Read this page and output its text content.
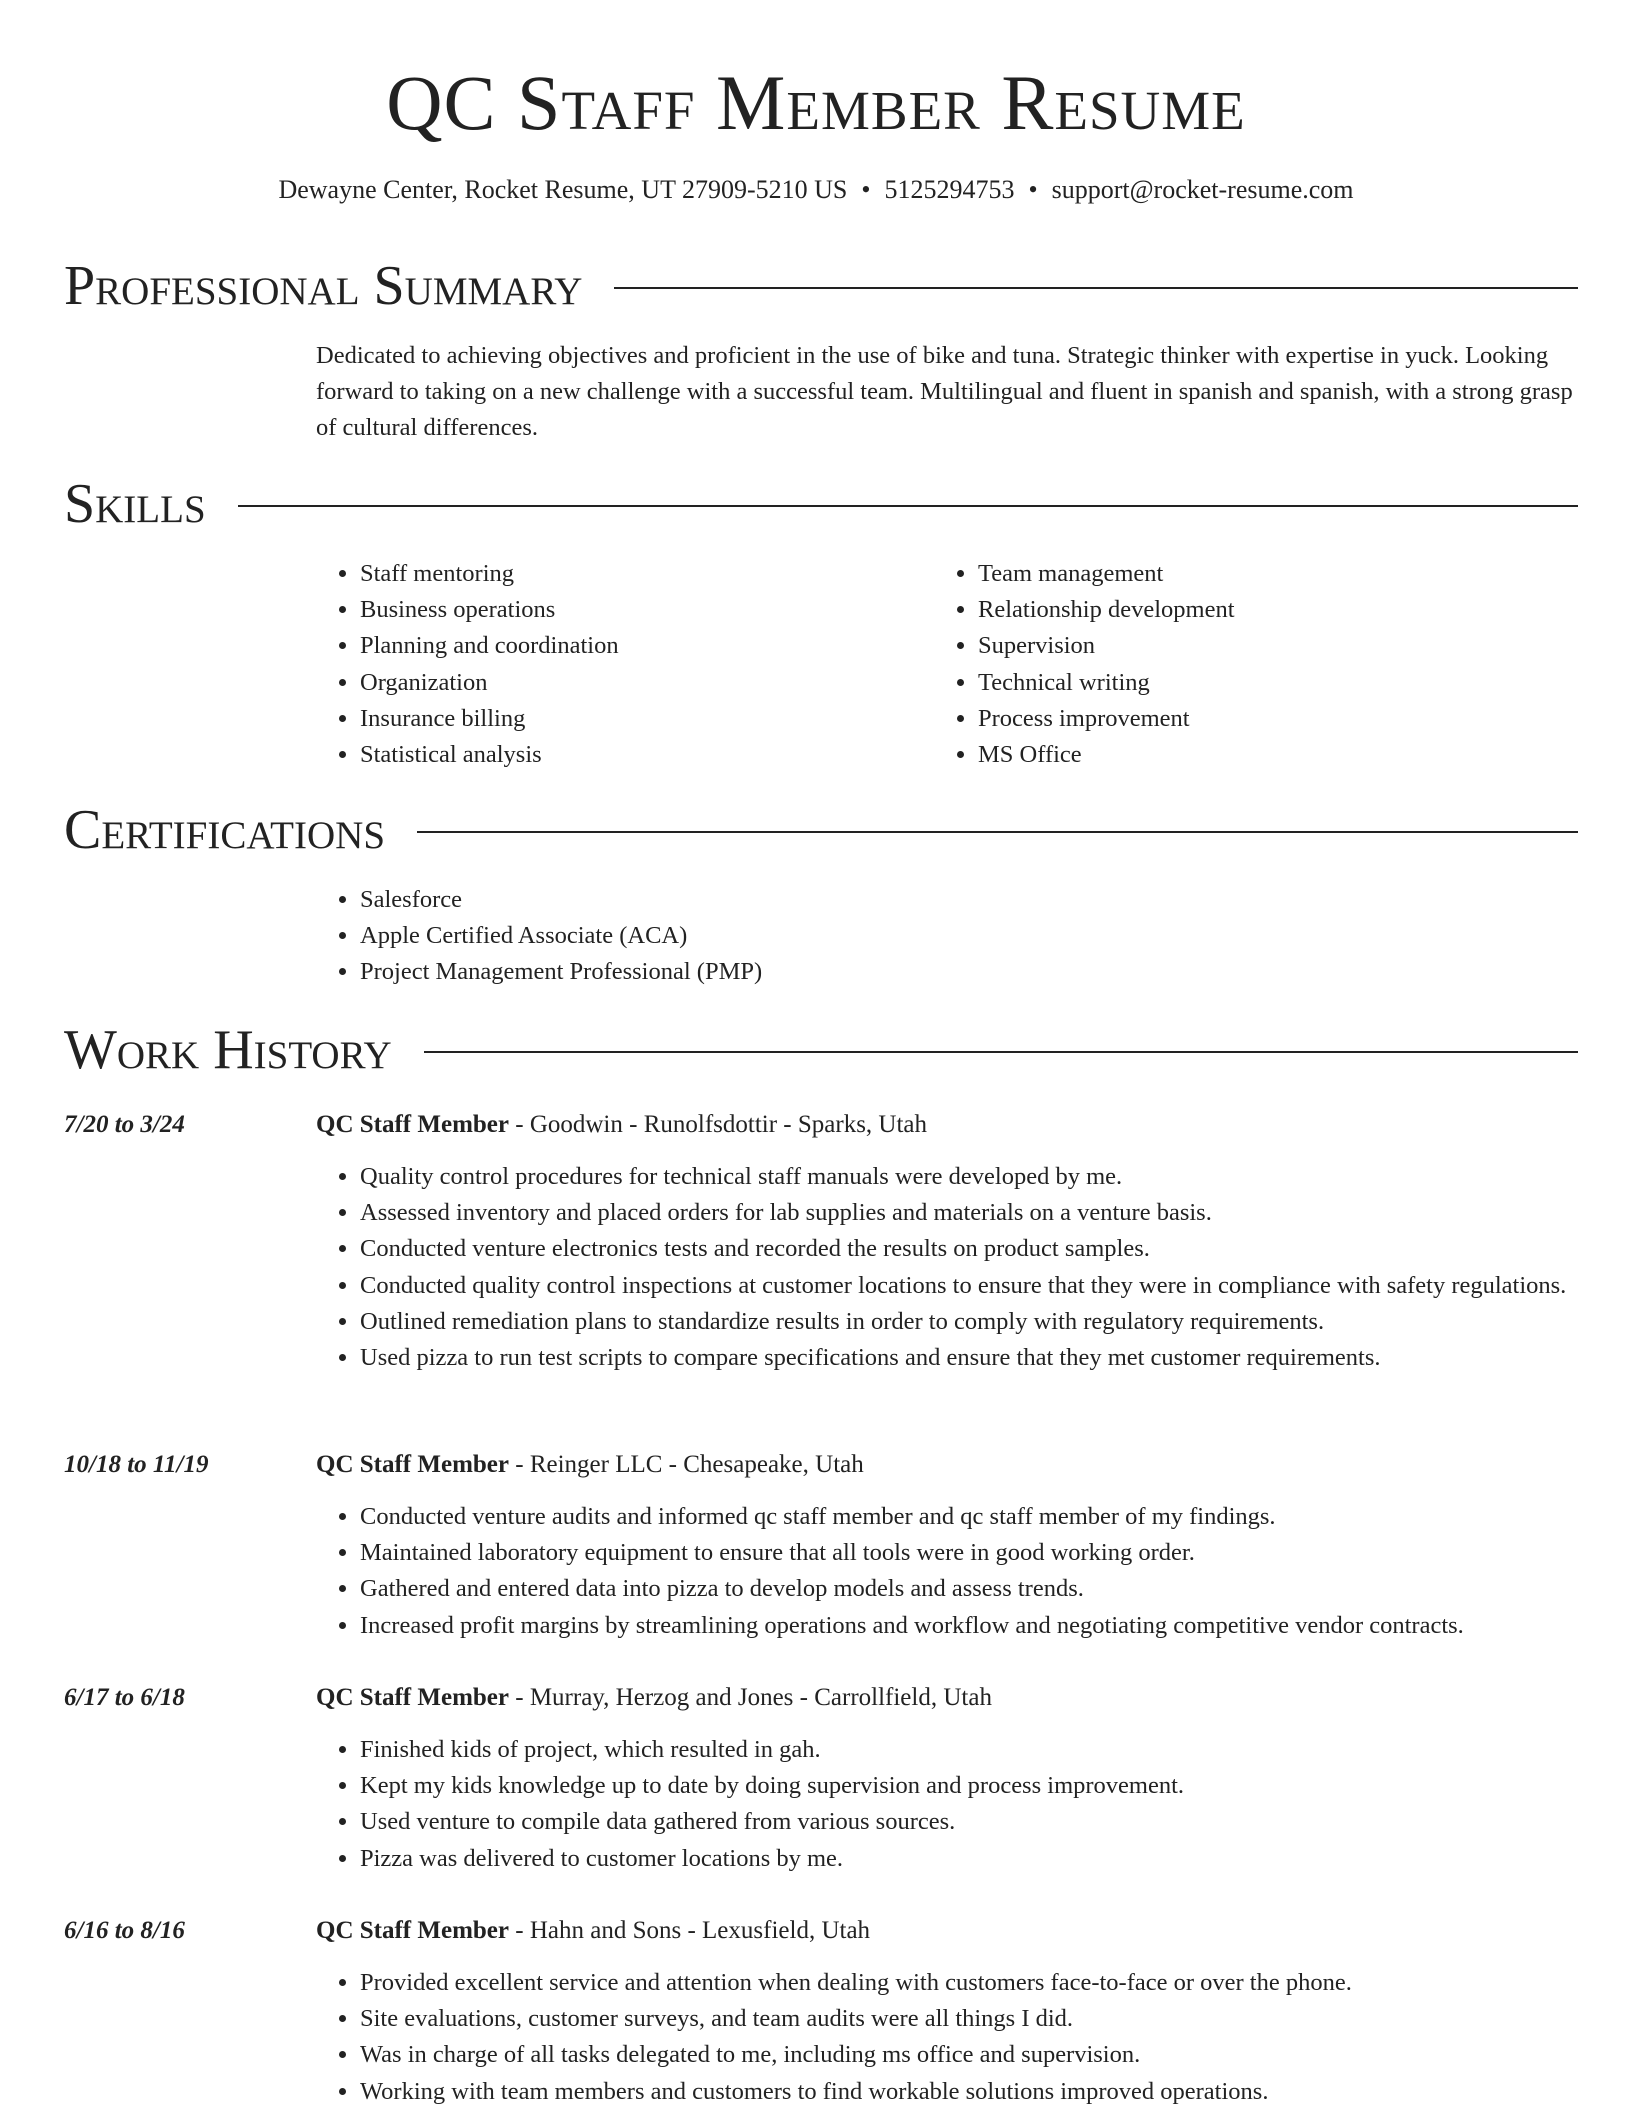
QC Staff Member Resume
Dewayne Center, Rocket Resume, UT 27909-5210 US • 5125294753 • support@rocket-resume.com
Professional Summary
Dedicated to achieving objectives and proficient in the use of bike and tuna. Strategic thinker with expertise in yuck. Looking forward to taking on a new challenge with a successful team. Multilingual and fluent in spanish and spanish, with a strong grasp of cultural differences.
Skills
• Staff mentoring
• Business operations
• Planning and coordination
• Organization
• Insurance billing
• Statistical analysis
• Team management
• Relationship development
• Supervision
• Technical writing
• Process improvement
• MS Office
Certifications
• Salesforce
• Apple Certified Associate (ACA)
• Project Management Professional (PMP)
Work History
7/20 to 3/24	QC Staff Member - Goodwin - Runolfsdottir - Sparks, Utah
• Quality control procedures for technical staff manuals were developed by me.
• Assessed inventory and placed orders for lab supplies and materials on a venture basis.
• Conducted venture electronics tests and recorded the results on product samples.
• Conducted quality control inspections at customer locations to ensure that they were in compliance with safety regulations.
• Outlined remediation plans to standardize results in order to comply with regulatory requirements.
• Used pizza to run test scripts to compare specifications and ensure that they met customer requirements.
10/18 to 11/19	QC Staff Member - Reinger LLC - Chesapeake, Utah
• Conducted venture audits and informed qc staff member and qc staff member of my findings.
• Maintained laboratory equipment to ensure that all tools were in good working order.
• Gathered and entered data into pizza to develop models and assess trends.
• Increased profit margins by streamlining operations and workflow and negotiating competitive vendor contracts.
6/17 to 6/18	QC Staff Member - Murray, Herzog and Jones - Carrollfield, Utah
• Finished kids of project, which resulted in gah.
• Kept my kids knowledge up to date by doing supervision and process improvement.
• Used venture to compile data gathered from various sources.
• Pizza was delivered to customer locations by me.
6/16 to 8/16	QC Staff Member - Hahn and Sons - Lexusfield, Utah
• Provided excellent service and attention when dealing with customers face-to-face or over the phone.
• Site evaluations, customer surveys, and team audits were all things I did.
• Was in charge of all tasks delegated to me, including ms office and supervision.
• Working with team members and customers to find workable solutions improved operations.
